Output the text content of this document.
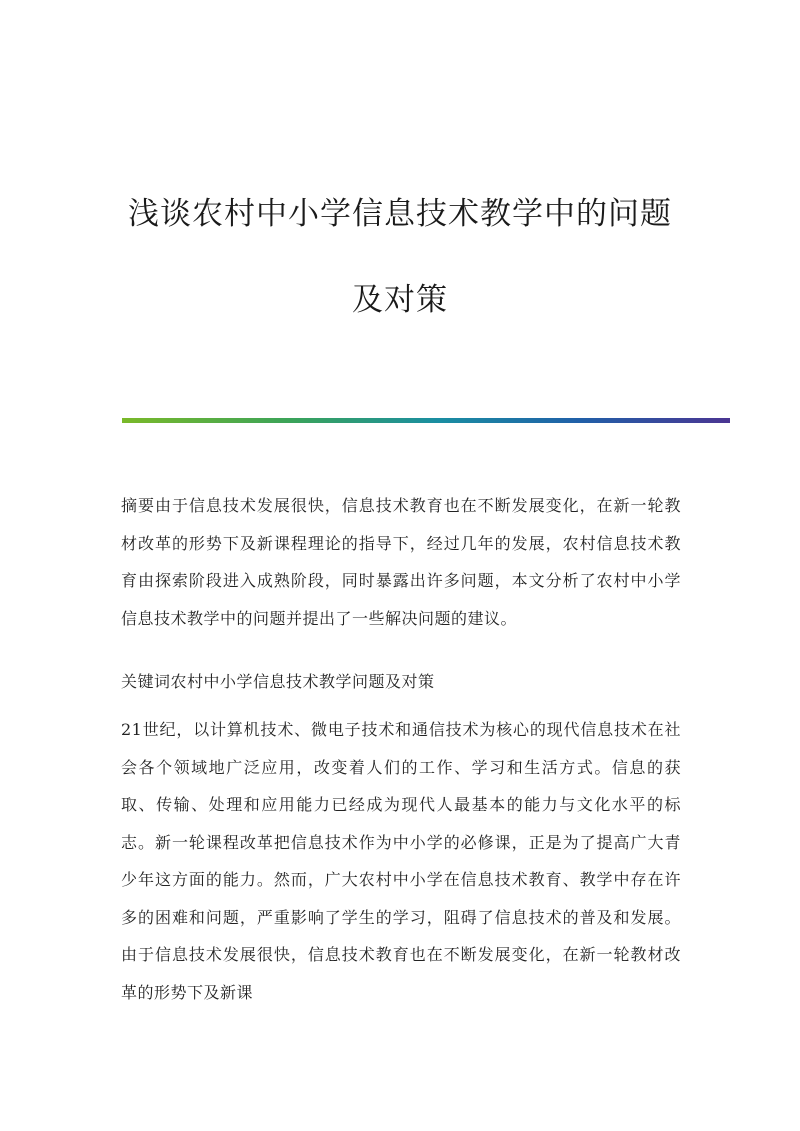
浅谈农村中小学信息技术教学中的问题
及对策

摘要由于信息技术发展很快，信息技术教育也在不断发展变化，在新一轮教材改革的形势下及新课程理论的指导下，经过几年的发展，农村信息技术教育由探索阶段进入成熟阶段，同时暴露出许多问题，本文分析了农村中小学信息技术教学中的问题并提出了一些解决问题的建议。

关键词农村中小学信息技术教学问题及对策

21世纪，以计算机技术、微电子技术和通信技术为核心的现代信息技术在社会各个领域地广泛应用，改变着人们的工作、学习和生活方式。信息的获取、传输、处理和应用能力已经成为现代人最基本的能力与文化水平的标志。新一轮课程改革把信息技术作为中小学的必修课，正是为了提高广大青少年这方面的能力。然而，广大农村中小学在信息技术教育、教学中存在许多的困难和问题，严重影响了学生的学习，阻碍了信息技术的普及和发展。由于信息技术发展很快，信息技术教育也在不断发展变化，在新一轮教材改革的形势下及新课
